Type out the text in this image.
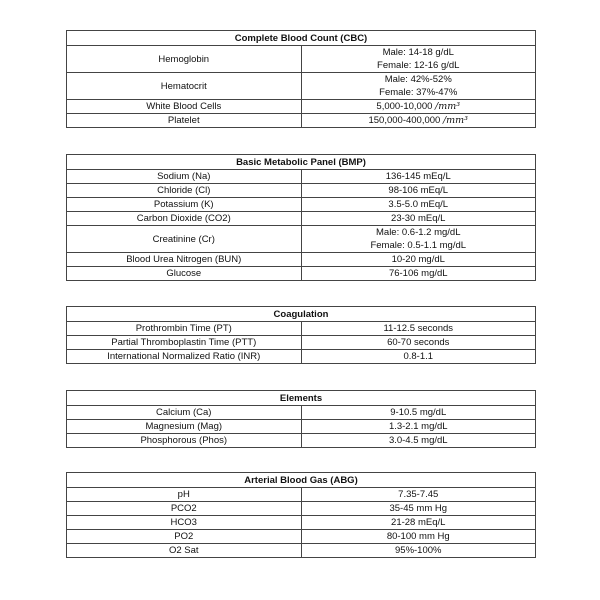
Complete Blood Count (CBC)	
Hemoglobin	Male: 14-18 g/dL
Female: 12-16 g/dL

Hematocrit	Male: 42%-52%
Female: 37%-47%

White Blood Cells	5,000-10,000 /mm³
Platelet	150,000-400,000 /mm³
Basic Metabolic Panel (BMP)	
Sodium (Na)	136-145 mEq/L
Chloride (Cl)	98-106 mEq/L
Potassium (K)	3.5-5.0 mEq/L
Carbon Dioxide (CO2)	23-30 mEq/L
Creatinine (Cr)	Male: 0.6-1.2 mg/dL
Female: 0.5-1.1 mg/dL

Blood Urea Nitrogen (BUN)	10-20 mg/dL
Glucose	76-106 mg/dL
Coagulation	
Prothrombin Time (PT)	11-12.5 seconds
Partial Thromboplastin Time (PTT)	60-70 seconds
International Normalized Ratio (INR)	0.8-1.1
Elements	
Calcium (Ca)	9-10.5 mg/dL
Magnesium (Mag)	1.3-2.1 mg/dL
Phosphorous (Phos)	3.0-4.5 mg/dL
Arterial Blood Gas (ABG)	
pH	7.35-7.45
PCO2	35-45 mm Hg
HCO3	21-28 mEq/L
PO2	80-100 mm Hg
O2 Sat	95%-100%
